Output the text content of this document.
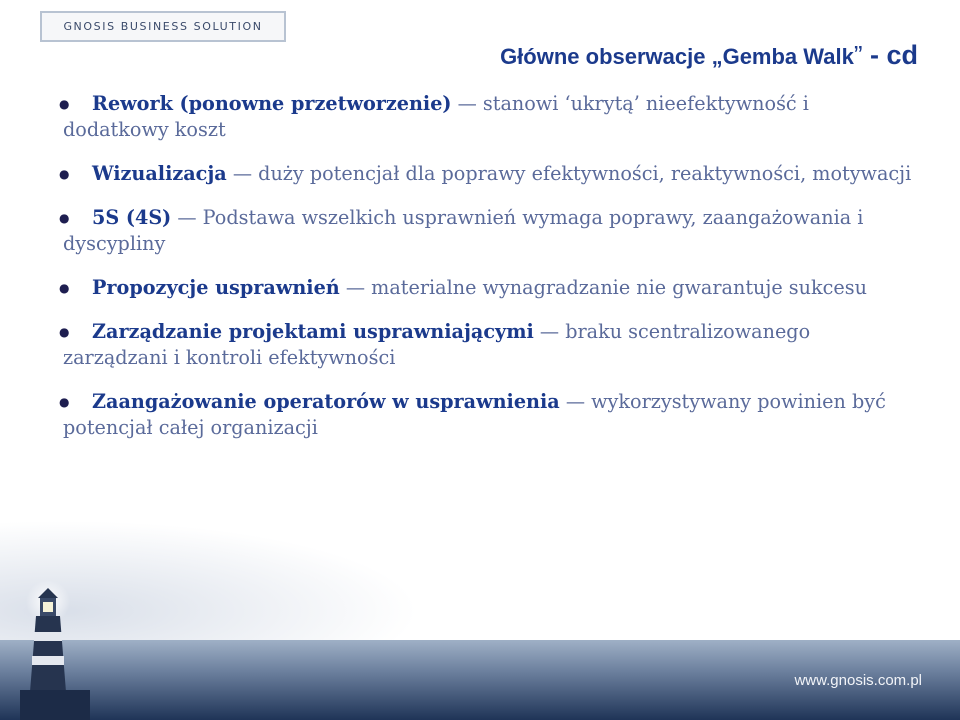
GNOSIS BUSINESS SOLUTION
Główne obserwacje „Gemba Walk” - cd
● Rework (ponowne przetworzenie) — stanowi ‘ukrytą’ nieefektywność i dodatkowy koszt
● Wizualizacja — duży potencjał dla poprawy efektywności, reaktywności, motywacji
● 5S (4S) — Podstawa wszelkich usprawnień wymaga poprawy, zaangażowania i dyscypliny
● Propozycje usprawnień — materialne wynagradzanie nie gwarantuje sukcesu
● Zarządzanie projektami usprawniającymi — braku scentralizowanego zarządzani i kontroli efektywności
● Zaangażowanie operatorów w usprawnienia — wykorzystywany powinien być potencjał całej organizacji
www.gnosis.com.pl
